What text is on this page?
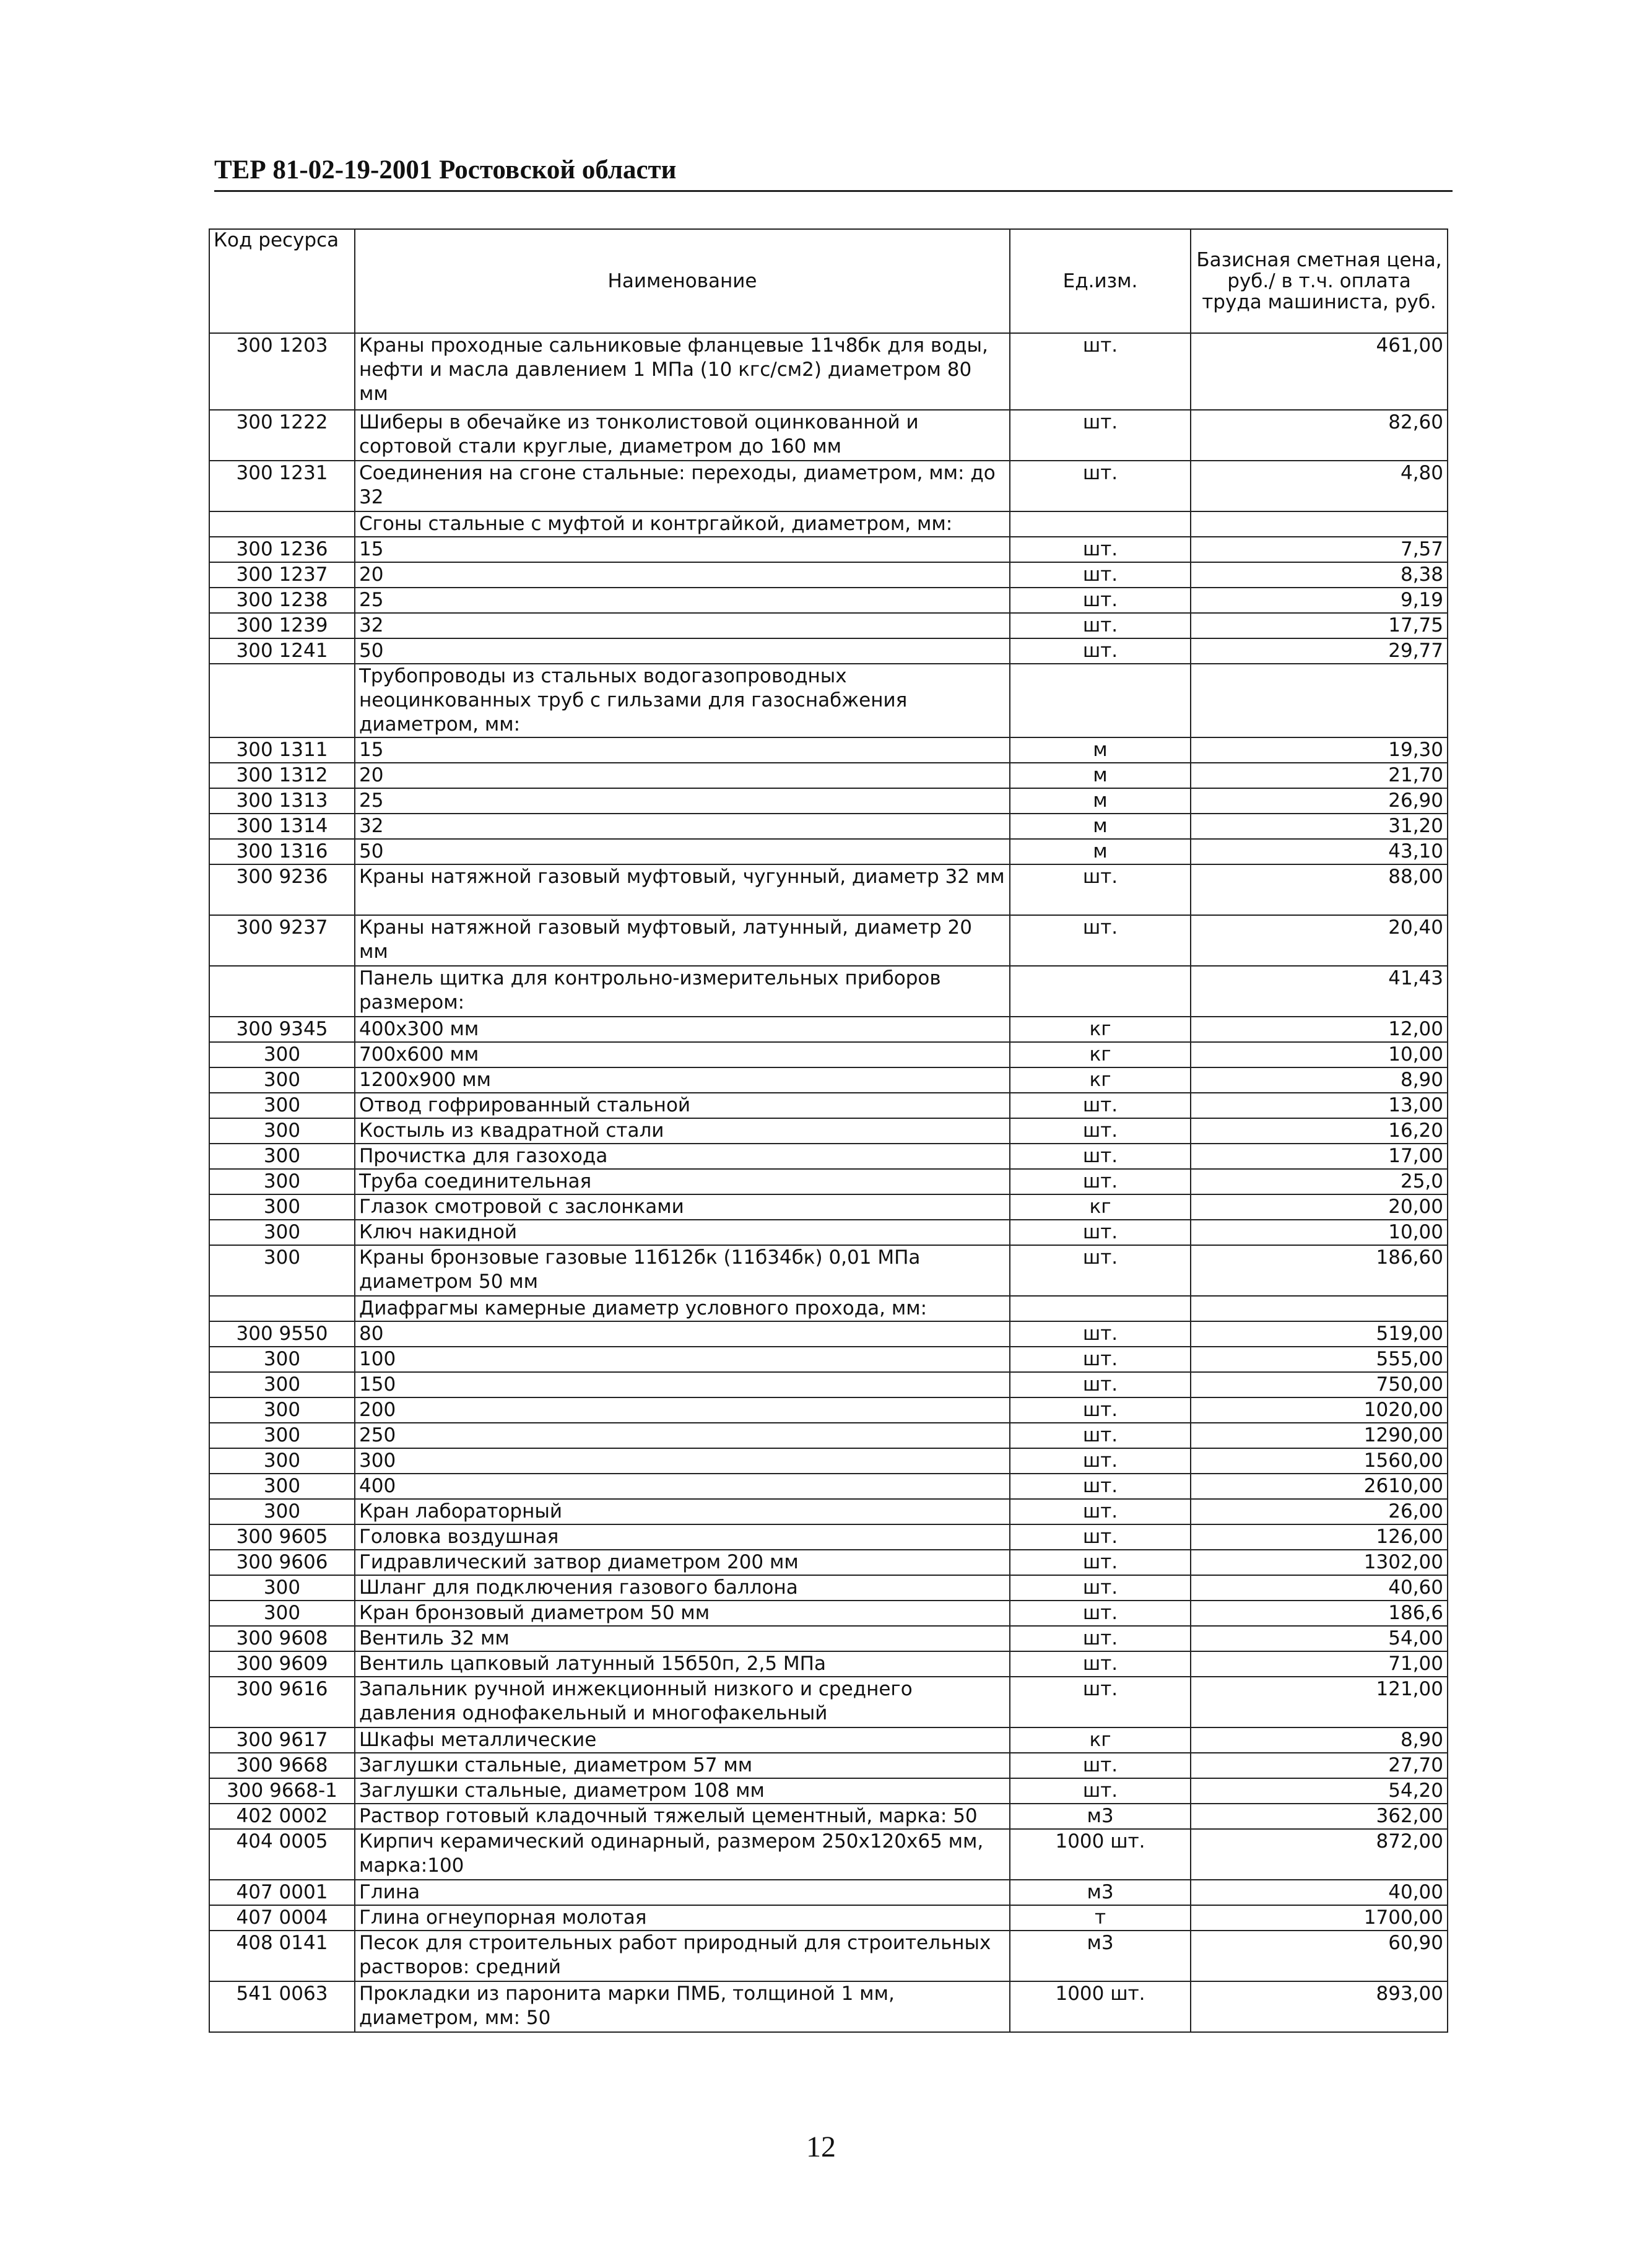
ТЕР 81-02-19-2001 Ростовской области
Код ресурса	Наименование	Ед.изм.	Базисная сметная цена, руб./ в т.ч. оплата труда машиниста, руб.
300 1203	Краны проходные сальниковые фланцевые 11ч8бк для воды, нефти и масла давлением 1 МПа (10 кгс/см2) диаметром 80 мм	шт.	461,00
300 1222	Шиберы в обечайке из тонколистовой оцинкованной и сортовой стали круглые, диаметром до 160 мм	шт.	82,60
300 1231	Соединения на сгоне стальные: переходы, диаметром, мм: до 32	шт.	4,80
	Сгоны стальные с муфтой и контргайкой, диаметром, мм:		
300 1236	15	шт.	7,57
300 1237	20	шт.	8,38
300 1238	25	шт.	9,19
300 1239	32	шт.	17,75
300 1241	50	шт.	29,77
	Трубопроводы из стальных водогазопроводных неоцинкованных труб с гильзами для газоснабжения диаметром, мм:		
300 1311	15	м	19,30
300 1312	20	м	21,70
300 1313	25	м	26,90
300 1314	32	м	31,20
300 1316	50	м	43,10
300 9236	Краны натяжной газовый муфтовый, чугунный, диаметр 32 мм	шт.	88,00
300 9237	Краны натяжной газовый муфтовый, латунный, диаметр 20 мм	шт.	20,40
	Панель щитка для контрольно-измерительных приборов размером:		41,43
300 9345	400х300 мм	кг	12,00
300	700х600 мм	кг	10,00
300	1200х900 мм	кг	8,90
300	Отвод гофрированный стальной	шт.	13,00
300	Костыль из квадратной стали	шт.	16,20
300	Прочистка для газохода	шт.	17,00
300	Труба соединительная	шт.	25,0
300	Глазок смотровой с заслонками	кг	20,00
300	Ключ накидной	шт.	10,00
300	Краны бронзовые газовые 11б12бк (11б34бк) 0,01 МПа диаметром 50 мм	шт.	186,60
	Диафрагмы камерные диаметр условного прохода, мм:		
300 9550	80	шт.	519,00
300	100	шт.	555,00
300	150	шт.	750,00
300	200	шт.	1020,00
300	250	шт.	1290,00
300	300	шт.	1560,00
300	400	шт.	2610,00
300	Кран лабораторный	шт.	26,00
300 9605	Головка воздушная	шт.	126,00
300 9606	Гидравлический затвор диаметром 200 мм	шт.	1302,00
300	Шланг для подключения газового баллона	шт.	40,60
300	Кран бронзовый диаметром 50 мм	шт.	186,6
300 9608	Вентиль 32 мм	шт.	54,00
300 9609	Вентиль цапковый латунный 15б50п, 2,5 МПа	шт.	71,00
300 9616	Запальник ручной инжекционный низкого и среднего давления однофакельный и многофакельный	шт.	121,00
300 9617	Шкафы металлические	кг	8,90
300 9668	Заглушки стальные, диаметром 57 мм	шт.	27,70
300 9668-1	Заглушки стальные, диаметром 108 мм	шт.	54,20
402 0002	Раствор готовый кладочный тяжелый цементный, марка: 50	м3	362,00
404 0005	Кирпич керамический одинарный, размером 250х120х65 мм, марка:100	1000 шт.	872,00
407 0001	Глина	м3	40,00
407 0004	Глина огнеупорная молотая	т	1700,00
408 0141	Песок для строительных работ природный для строительных растворов: средний	м3	60,90
541 0063	Прокладки из паронита марки ПМБ, толщиной 1 мм, диаметром, мм: 50	1000 шт.	893,00
12
